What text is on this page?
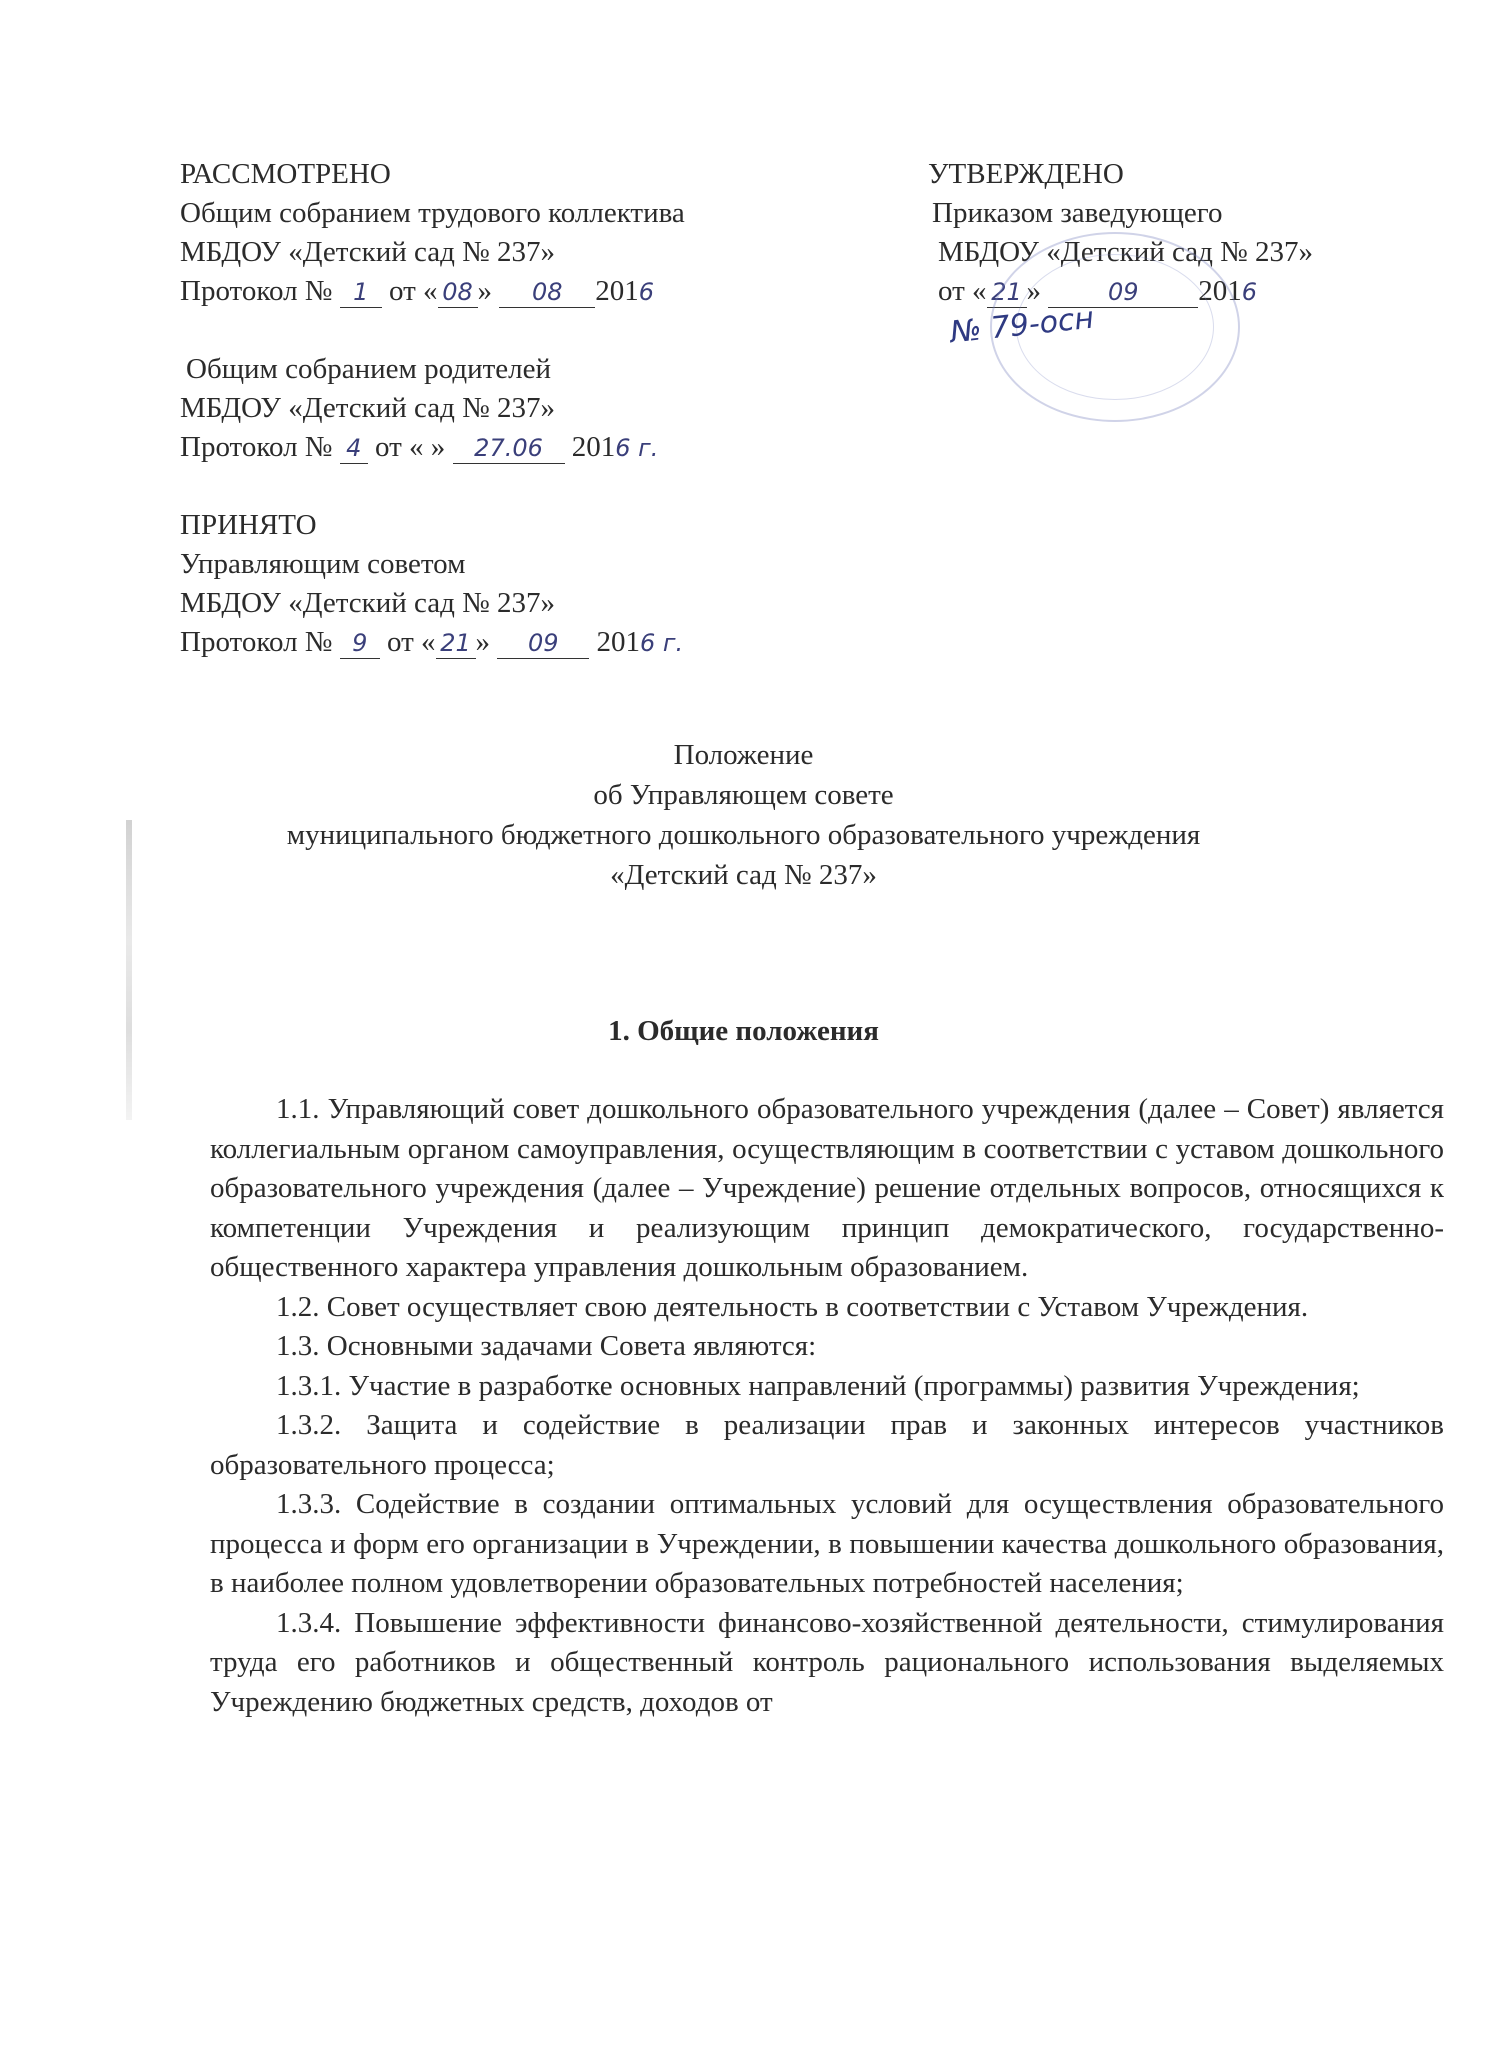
РАССМОТРЕНО
Общим собранием трудового коллектива
МБДОУ «Детский сад № 237»
Протокол № 1 от « 08 » 08 2016
Общим собранием родителей
МБДОУ «Детский сад № 237»
Протокол № 4 от « » 27.06 2016 г.
ПРИНЯТО
Управляющим советом
МБДОУ «Детский сад № 237»
Протокол № 9 от « 21 » 09 2016 г.
УТВЕРЖДЕНО
Приказом заведующего
МБДОУ «Детский сад № 237»
от « 21 »	09 2016
№ 79-осн
Положение
об Управляющем совете
муниципального бюджетного дошкольного образовательного учреждения
«Детский сад № 237»
1. Общие положения

1.1. Управляющий совет дошкольного образовательного учреждения (далее – Совет) является коллегиальным органом самоуправления, осуществляющим в соответствии с уставом дошкольного образовательного учреждения (далее – Учреждение) решение отдельных вопросов, относящихся к компетенции Учреждения и реализующим принцип демократического, государственно-общественного характера управления дошкольным образованием.

1.2. Совет осуществляет свою деятельность в соответствии с Уставом Учреждения.

1.3. Основными задачами Совета являются:

1.3.1. Участие в разработке основных направлений (программы) развития Учреждения;

1.3.2. Защита и содействие в реализации прав и законных интересов участников образовательного процесса;

1.3.3. Содействие в создании оптимальных условий для осуществления образовательного процесса и форм его организации в Учреждении, в повышении качества дошкольного образования, в наиболее полном удовлетворении образовательных потребностей населения;

1.3.4. Повышение эффективности финансово-хозяйственной деятельности, стимулирования труда его работников и общественный контроль рационального использования выделяемых Учреждению бюджетных средств, доходов от
